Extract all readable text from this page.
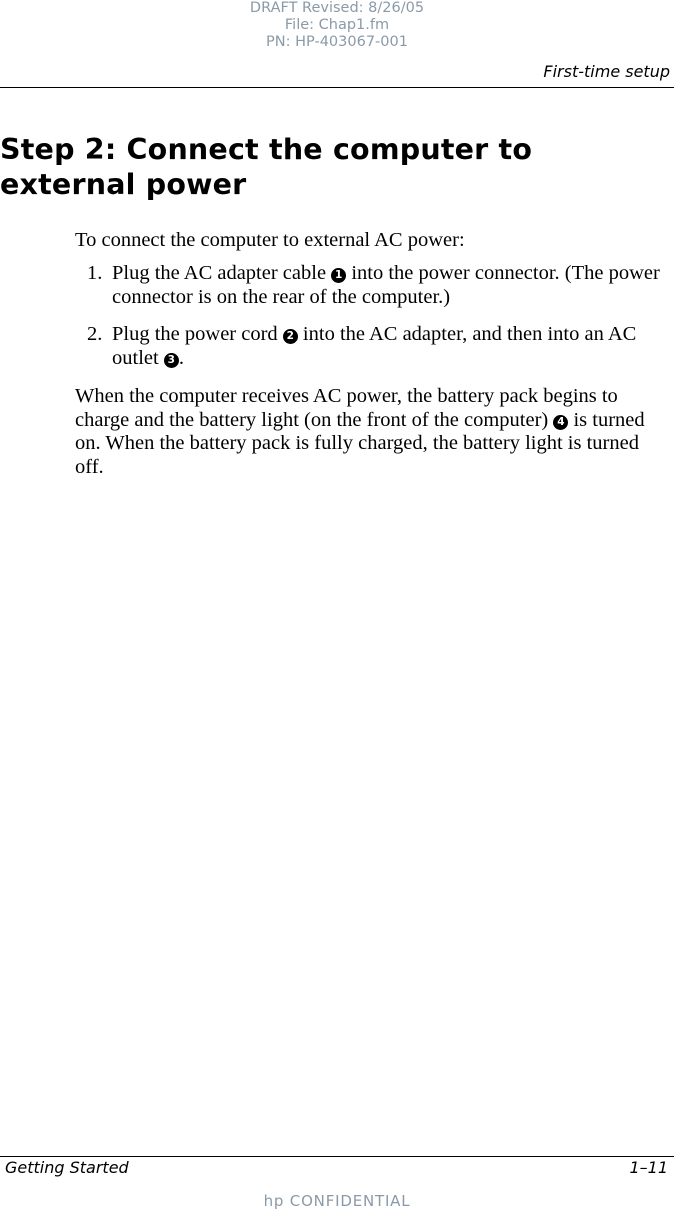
DRAFT Revised: 8/26/05
File: Chap1.fm
PN: HP-403067-001
First-time setup
Step 2: Connect the computer to external power

To connect the computer to external AC power:

1. Plug the AC adapter cable 1 into the power connector. (The power connector is on the rear of the computer.)
2. Plug the power cord 2 into the AC adapter, and then into an AC outlet 3 .

When the computer receives AC power, the battery pack begins to charge and the battery light (on the front of the computer) 4 is turned on. When the battery pack is fully charged, the battery light is turned off.

Getting Started	1–11
hp CONFIDENTIAL
